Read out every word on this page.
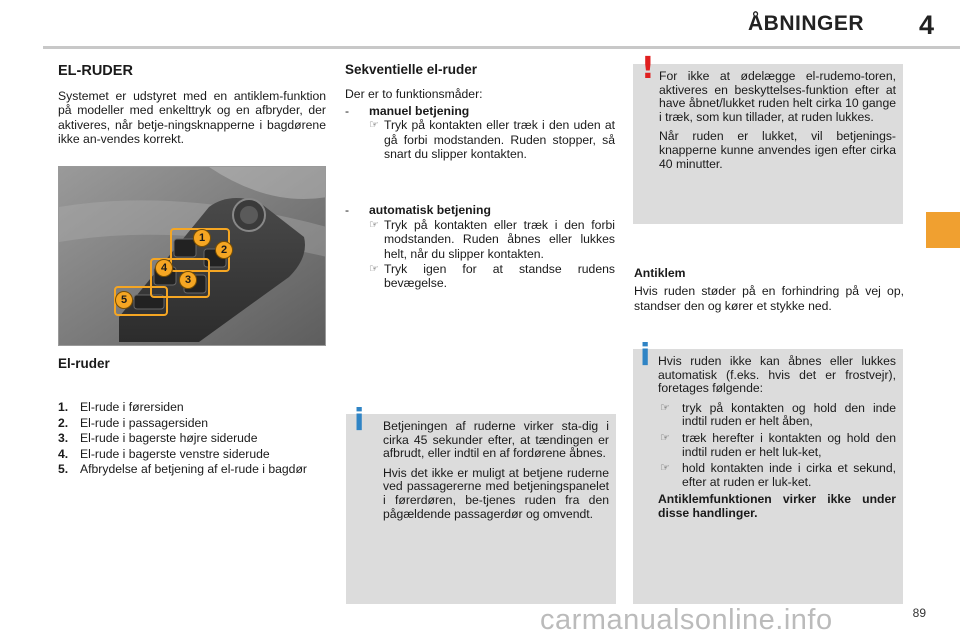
ÅBNINGER 4
EL-RUDER
Systemet er udstyret med en antiklem-funktion på modeller med enkelttryk og en afbryder, der aktiveres, når betje-ningsknapperne i bagdørene ikke an-vendes korrekt.
1
2
3
4
5
El-ruder
1. El-rude i førersiden
2. El-rude i passagersiden
3. El-rude i bagerste højre siderude
4. El-rude i bagerste venstre siderude
5. Afbrydelse af betjening af el-rude i bagdør
Sekventielle el-ruder
Der er to funktionsmåder:
-	manuel betjening
☞ Tryk på kontakten eller træk i den uden at gå forbi modstanden. Ruden stopper, så snart du slipper kontakten.
-	automatisk betjening
☞ Tryk på kontakten eller træk i den forbi modstanden. Ruden åbnes eller lukkes helt, når du slipper kontakten.
☞ Tryk igen for at standse rudens bevægelse.
! For ikke at ødelægge el-rudemo-toren, aktiveres en beskyttelses-funktion efter at have åbnet/lukket ruden helt cirka 10 gange i træk, som kun tillader, at ruden lukkes.

Når ruden er lukket, vil betjenings-knapperne kunne anvendes igen efter cirka 40 minutter.

Antiklem
Hvis ruden støder på en forhindring på vej op, standser den og kører et stykke ned.
i Betjeningen af ruderne virker sta-dig i cirka 45 sekunder efter, at tændingen er afbrudt, eller indtil en af fordørene åbnes.

Hvis det ikke er muligt at betjene ruderne ved passagererne med betjeningspanelet i førerdøren, be-tjenes ruden fra den pågældende passagerdør og omvendt.

i Hvis ruden ikke kan åbnes eller lukkes automatisk (f.eks. hvis det er frostvejr), foretages følgende:

☞ tryk på kontakten og hold den inde indtil ruden er helt åben,
☞ træk herefter i kontakten og hold den indtil ruden er helt luk-ket,
☞ hold kontakten inde i cirka et sekund, efter at ruden er luk-ket.
Antiklemfunktionen virker ikke under disse handlinger.
carmanualsonline.info	89
